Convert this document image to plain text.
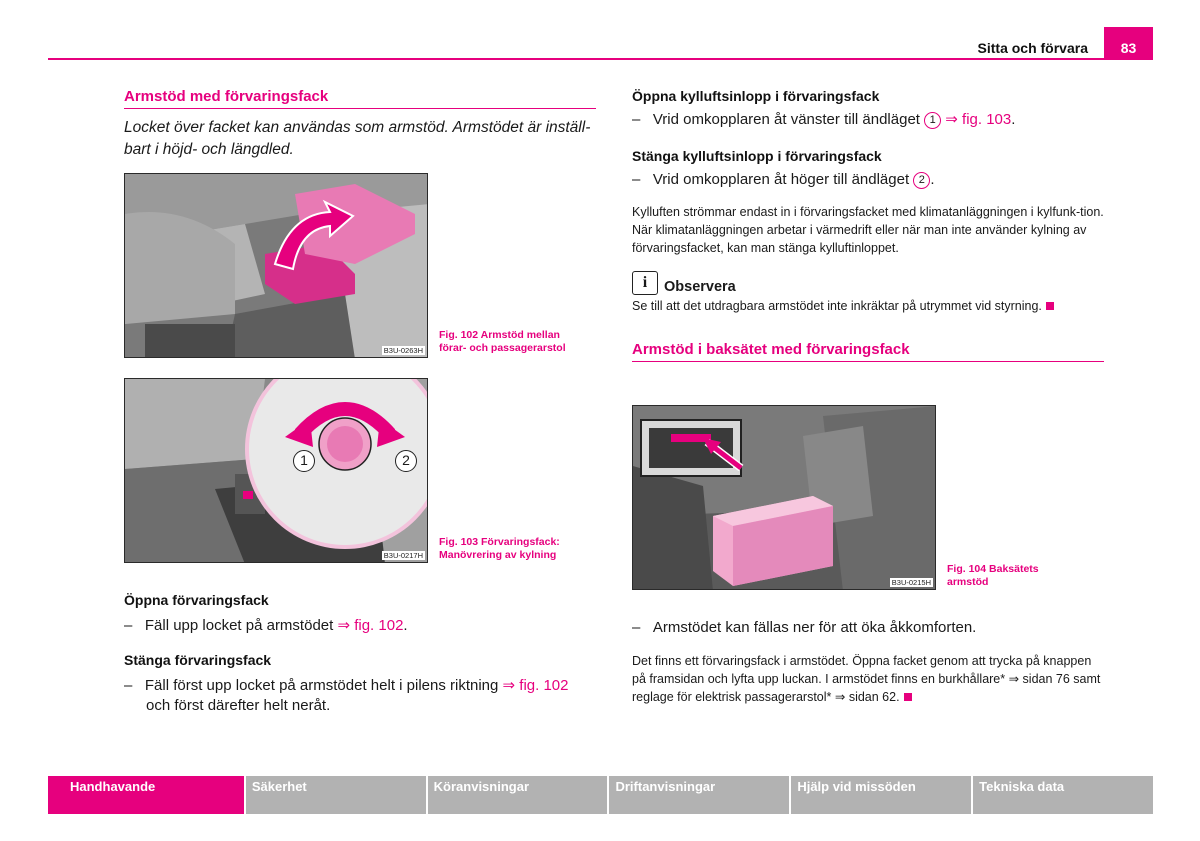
Sitta och förvara	83
Armstöd med förvaringsfack

Locket över facket kan användas som armstöd. Armstödet är inställ-bart i höjd- och längdled.

B3U-0263H
Fig. 102 Armstöd mellan förar- och passagerarstol
1	2
B3U-0217H
Fig. 103 Förvaringsfack: Manövrering av kylning
Öppna förvaringsfack

–   Fäll upp locket på armstödet ⇒ fig. 102.

Stänga förvaringsfack

–   Fäll först upp locket på armstödet helt i pilens riktning ⇒ fig. 102 och först därefter helt neråt.

Öppna kylluftsinlopp i förvaringsfack

–   Vrid omkopplaren åt vänster till ändläget 1 ⇒ fig. 103.

Stänga kylluftsinlopp i förvaringsfack

–   Vrid omkopplaren åt höger till ändläget 2 .

Kylluften strömmar endast in i förvaringsfacket med klimatanläggningen i kylfunk-tion. När klimatanläggningen arbetar i värmedrift eller när man inte använder kylning av förvaringsfacket, kan man stänga kylluftinloppet.

i	Observera

Se till att det utdragbara armstödet inte inkräktar på utrymmet vid styrning.

Armstöd i baksätet med förvaringsfack
B3U-0215H
Fig. 104 Baksätets armstöd

–   Armstödet kan fällas ner för att öka åkkomforten.

Det finns ett förvaringsfack i armstödet. Öppna facket genom att trycka på knappen på framsidan och lyfta upp luckan. I armstödet finns en burkhållare* ⇒ sidan 76 samt reglage för elektrisk passagerarstol* ⇒ sidan 62.

Handhavande	Säkerhet	Köranvisningar	Driftanvisningar	Hjälp vid missöden	Tekniska data
